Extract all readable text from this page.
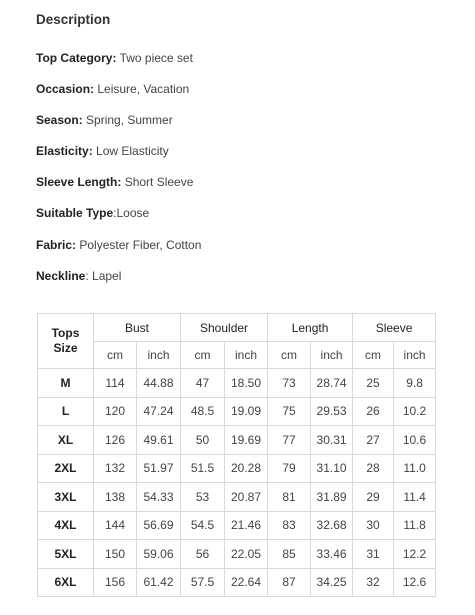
Description
Top Category: Two piece set
Occasion: Leisure, Vacation
Season: Spring, Summer
Elasticity: Low Elasticity
Sleeve Length: Short Sleeve
Suitable Type:Loose
Fabric: Polyester Fiber, Cotton
Neckline: Lapel
Tops
Size	Bust		Shoulder		Length		Sleeve	
	cm	inch	cm	inch	cm	inch	cm	inch
M	114	44.88	47	18.50	73	28.74	25	9.8
L	120	47.24	48.5	19.09	75	29.53	26	10.2
XL	126	49.61	50	19.69	77	30.31	27	10.6
2XL	132	51.97	51.5	20.28	79	31.10	28	11.0
3XL	138	54.33	53	20.87	81	31.89	29	11.4
4XL	144	56.69	54.5	21.46	83	32.68	30	11.8
5XL	150	59.06	56	22.05	85	33.46	31	12.2
6XL	156	61.42	57.5	22.64	87	34.25	32	12.6
